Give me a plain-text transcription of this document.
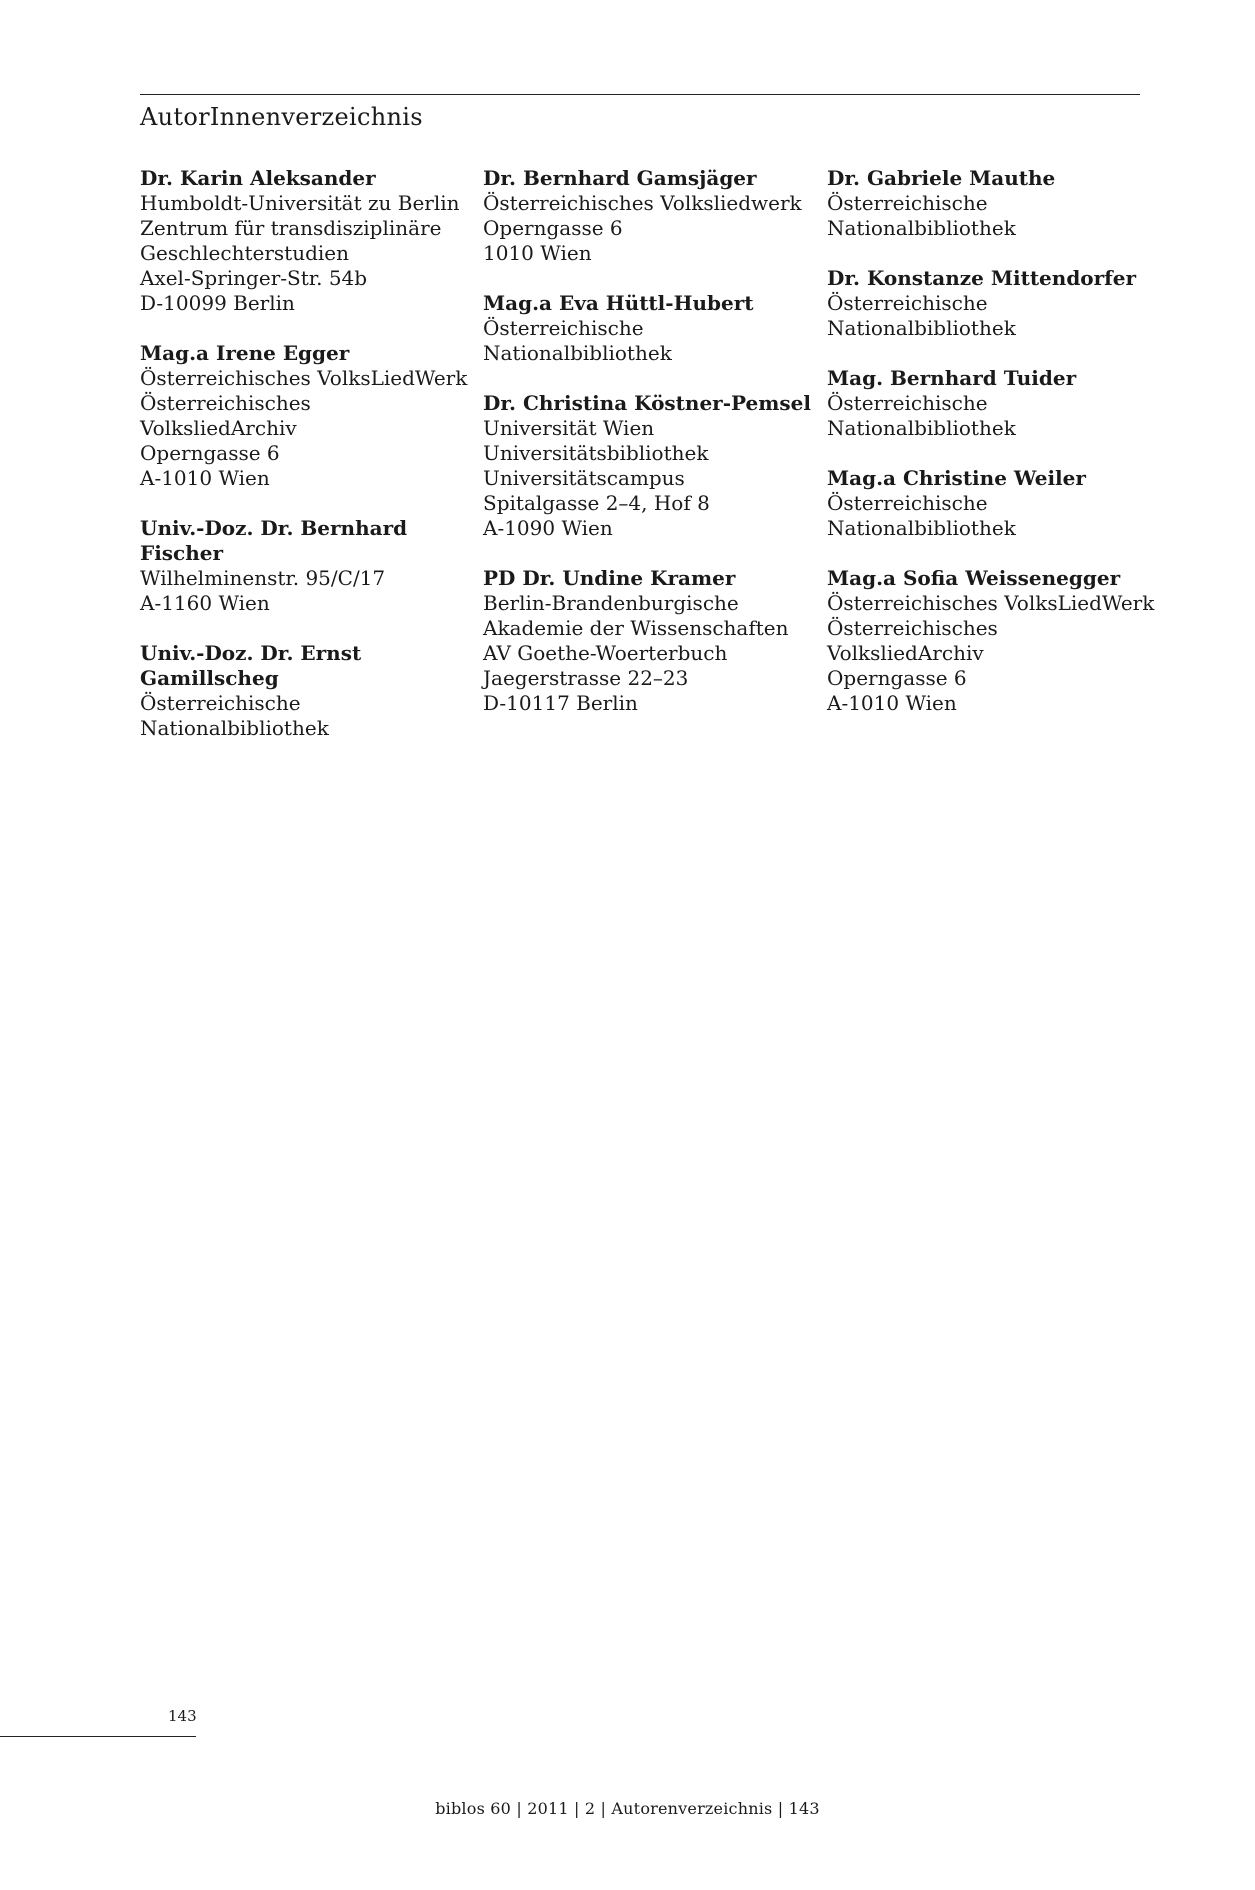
AutorInnenverzeichnis
Dr. Karin Aleksander
Humboldt-Universität zu Berlin
Zentrum für transdisziplinäre
Geschlechterstudien
Axel-Springer-Str. 54b
D-10099 Berlin
Mag.a Irene Egger
Österreichisches VolksLiedWerk
Österreichisches
VolksliedArchiv
Operngasse 6
A-1010 Wien
Univ.-Doz. Dr. Bernhard
Fischer
Wilhelminenstr. 95/C/17
A-1160 Wien
Univ.-Doz. Dr. Ernst
Gamillscheg
Österreichische
Nationalbibliothek
Dr. Bernhard Gamsjäger
Österreichisches Volksliedwerk
Operngasse 6
1010 Wien
Mag.a Eva Hüttl-Hubert
Österreichische
Nationalbibliothek
Dr. Christina Köstner-Pemsel
Universität Wien
Universitätsbibliothek
Universitätscampus
Spitalgasse 2–4, Hof 8
A-1090 Wien
PD Dr. Undine Kramer
Berlin-Brandenburgische
Akademie der Wissenschaften
AV Goethe-Woerterbuch
Jaegerstrasse 22–23
D-10117 Berlin
Dr. Gabriele Mauthe
Österreichische
Nationalbibliothek
Dr. Konstanze Mittendorfer
Österreichische
Nationalbibliothek
Mag. Bernhard Tuider
Österreichische
Nationalbibliothek
Mag.a Christine Weiler
Österreichische
Nationalbibliothek
Mag.a Sofia Weissenegger
Österreichisches VolksLiedWerk
Österreichisches
VolksliedArchiv
Operngasse 6
A-1010 Wien
143
biblos 60 | 2011 | 2 | Autorenverzeichnis | 143
